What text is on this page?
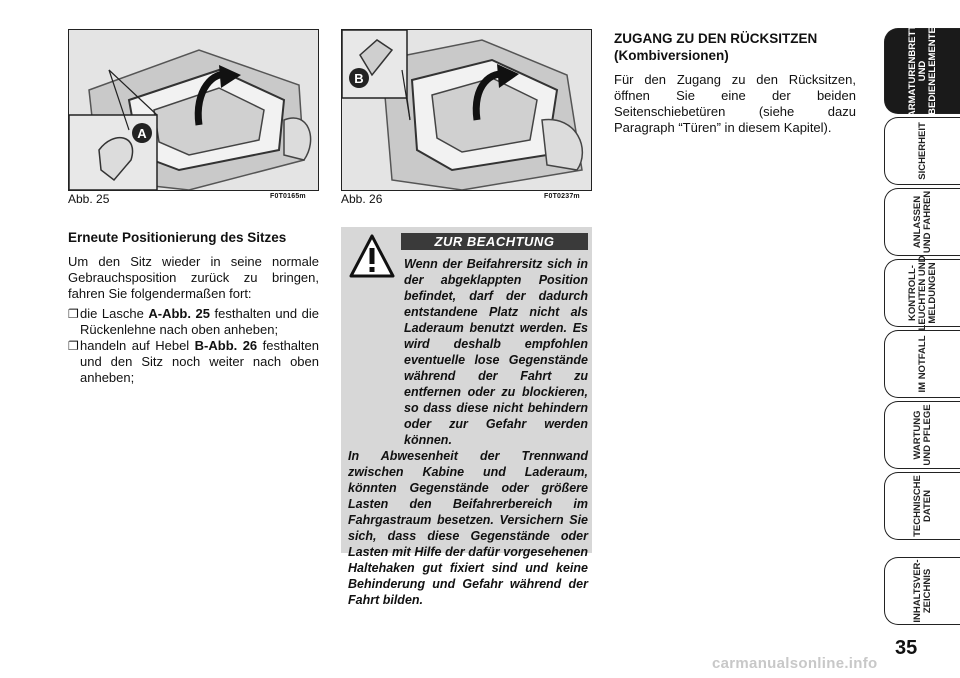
A
Abb. 25	F0T0165m
B
Abb. 26	F0T0237m
Erneute Positionierung des Sitzes

Um den Sitz wieder in seine normale Gebrauchsposition zurück zu bringen, fahren Sie folgendermaßen fort:

❐ die Lasche A-Abb. 25 festhalten und die Rückenlehne nach oben anheben;
❐ handeln auf Hebel B-Abb. 26 festhalten und den Sitz noch weiter nach oben anheben;
ZUR BEACHTUNG
Wenn der Beifahrersitz sich in der abgeklappten Position befindet, darf der dadurch entstandene Platz nicht als Laderaum benutzt werden. Es wird deshalb empfohlen eventuelle lose Gegenstände während der Fahrt zu entfernen oder zu blockieren, so dass diese nicht behindern oder zur Gefahr werden können.
In Abwesenheit der Trennwand zwischen Kabine und Laderaum, könnten Gegenstände oder größere Lasten den Beifahrerbereich im Fahrgastraum besetzen. Versichern Sie sich, dass diese Gegenstände oder Lasten mit Hilfe der dafür vorgesehenen Haltehaken gut fixiert sind und keine Behinderung und Gefahr während der Fahrt bilden.
ZUGANG ZU DEN RÜCKSITZEN
(Kombiversionen)

Für den Zugang zu den Rücksitzen, öffnen Sie eine der beiden Seitenschiebetüren (siehe dazu Paragraph “Türen” in diesem Kapitel).

ARMATURENBRETT
UND
BEDIENELEMENTE
SICHERHEIT
ANLASSEN
UND FAHREN
KONTROLL-
LEUCHTEN UND
MELDUNGEN
IM NOTFALL
WARTUNG
UND PFLEGE
TECHNISCHE
DATEN
INHALTSVER-
ZEICHNIS
35
carmanualsonline.info
